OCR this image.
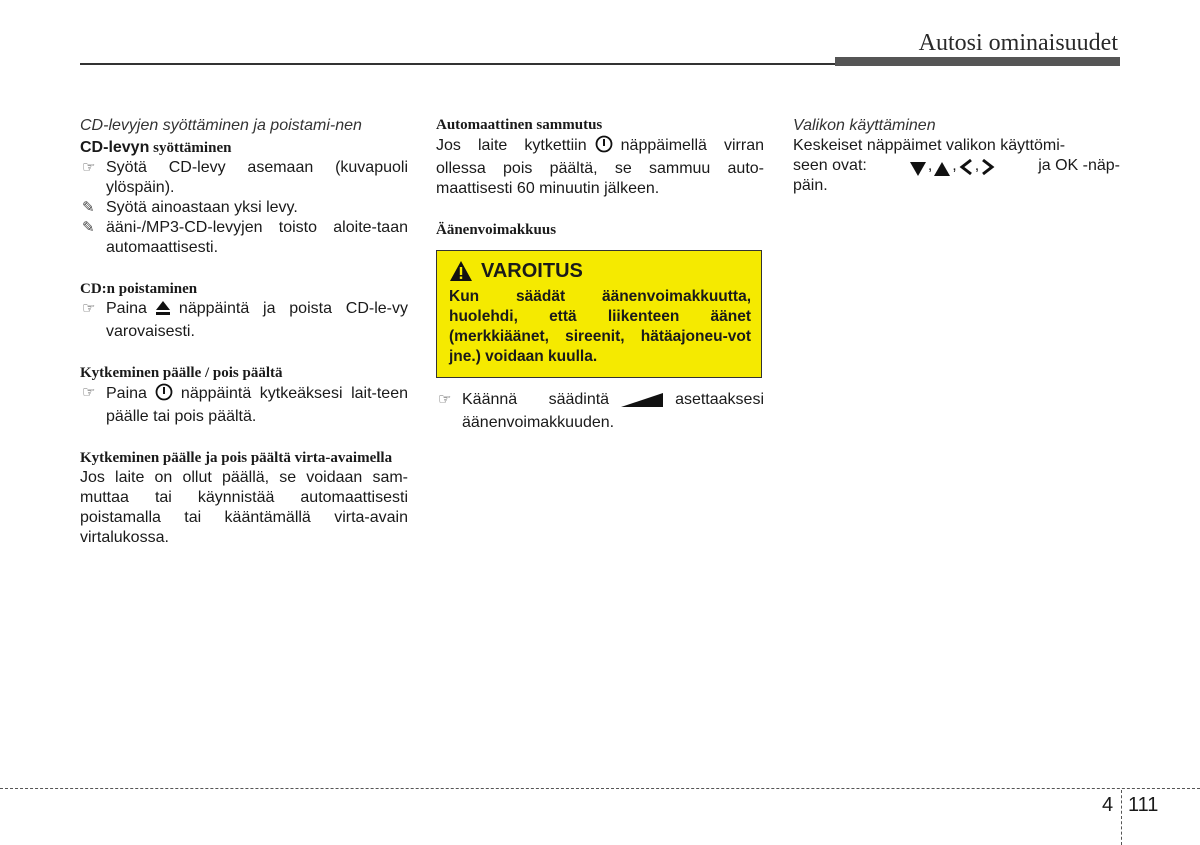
Autosi ominaisuudet

CD-levyjen syöttäminen ja poistami-nen

CD-levyn syöttäminen

☞ Syötä CD-levy asemaan (kuvapuoli ylöspäin).

✎ Syötä ainoastaan yksi levy.

✎ ääni-/MP3-CD-levyjen toisto aloite-taan automaattisesti.

CD:n poistaminen

☞ Paina näppäintä ja poista CD-le-vy varovaisesti.

Kytkeminen päälle / pois päältä

☞ Paina näppäintä kytkeäksesi lait-teen päälle tai pois päältä.

Kytkeminen päälle ja pois päältä virta-avaimella

Jos laite on ollut päällä, se voidaan sam-muttaa tai käynnistää automaattisesti poistamalla tai kääntämällä virta-avain virtalukossa.

Automaattinen sammutus

Jos laite kytkettiin näppäimellä virran ollessa pois päältä, se sammuu auto-maattisesti 60 minuutin jälkeen.

Äänenvoimakkuus

VAROITUS
Kun säädät äänenvoimakkuutta, huolehdi, että liikenteen äänet (merkkiäänet, sireenit, hätäajoneu-vot jne.) voidaan kuulla.

☞ Käännä säädintä	asettaaksesi äänenvoimakkuuden.

Valikon käyttäminen

Keskeiset näppäimet valikon käyttömi-

seen ovat:	, , ,	ja OK -näp-

päin.

4 111
